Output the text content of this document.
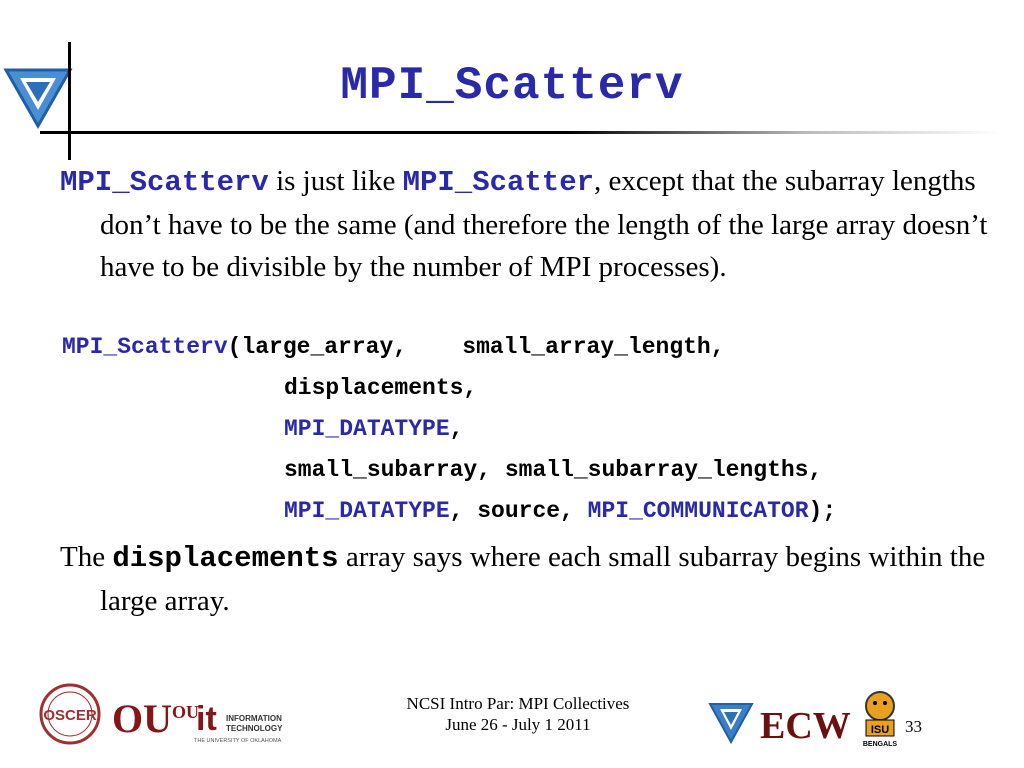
MPI_Scatterv
MPI_Scatterv is just like MPI_Scatter, except that the subarray lengths don’t have to be the same (and therefore the length of the large array doesn’t have to be divisible by the number of MPI processes).
MPI_Scatterv(large_array,    small_array_length,
displacements,
MPI_DATATYPE,
small_subarray, small_subarray_lengths,
MPI_DATATYPE, source, MPI_COMMUNICATOR);
The displacements array says where each small subarray begins within the large array.
OSCER OU OU
it INFORMATION
TECHNOLOGY
THE UNIVERSITY OF OKLAHOMA
NCSI Intro Par: MPI Collectives
June 26 - July 1 2011	ECW ISU
BENGALS
33
